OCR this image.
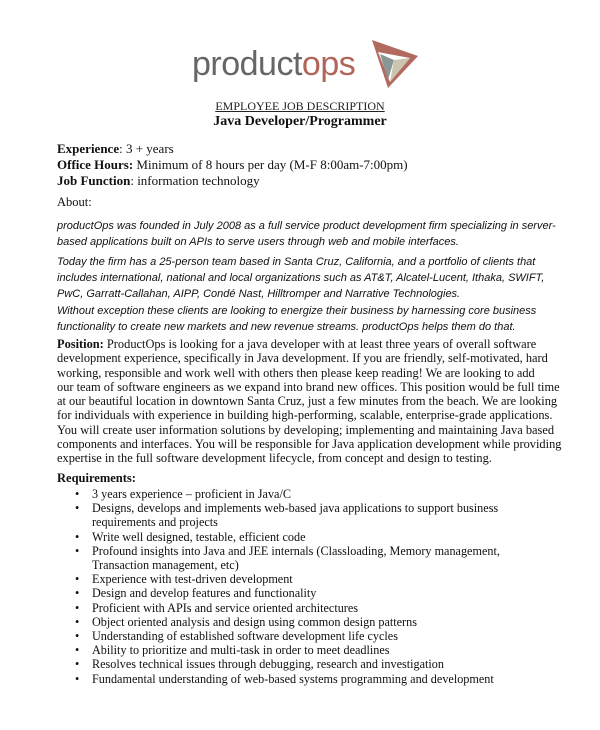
productops
EMPLOYEE JOB DESCRIPTION
Java Developer/Programmer
Experience: 3 + years
Office Hours: Minimum of 8 hours per day (M-F 8:00am-7:00pm)
Job Function: information technology
About:
productOps was founded in July 2008 as a full service product development firm specializing in server-
based applications built on APIs to serve users through web and mobile interfaces.
Today the firm has a 25-person team based in Santa Cruz, California, and a portfolio of clients that
includes international, national and local organizations such as AT&T, Alcatel-Lucent, Ithaka, SWIFT,
PwC, Garratt-Callahan, AIPP, Condé Nast, Hilltromper and Narrative Technologies.
Without exception these clients are looking to energize their business by harnessing core business
functionality to create new markets and new revenue streams. productOps helps them do that.
Position: ProductOps is looking for a java developer with at least three years of overall software
development experience, specifically in Java development. If you are friendly, self-motivated, hard
working, responsible and work well with others then please keep reading! We are looking to add
our team of software engineers as we expand into brand new offices. This position would be full time
at our beautiful location in downtown Santa Cruz, just a few minutes from the beach. We are looking
for individuals with experience in building high-performing, scalable, enterprise-grade applications.
You will create user information solutions by developing; implementing and maintaining Java based
components and interfaces. You will be responsible for Java application development while providing
expertise in the full software development lifecycle, from concept and design to testing.
Requirements:
• 3 years experience – proficient in Java/C
• Designs, develops and implements web-based java applications to support business
requirements and projects
• Write well designed, testable, efficient code
• Profound insights into Java and JEE internals (Classloading, Memory management,
Transaction management, etc)
• Experience with test-driven development
• Design and develop features and functionality
• Proficient with APIs and service oriented architectures
• Object oriented analysis and design using common design patterns
• Understanding of established software development life cycles
• Ability to prioritize and multi-task in order to meet deadlines
• Resolves technical issues through debugging, research and investigation
• Fundamental understanding of web-based systems programming and development
